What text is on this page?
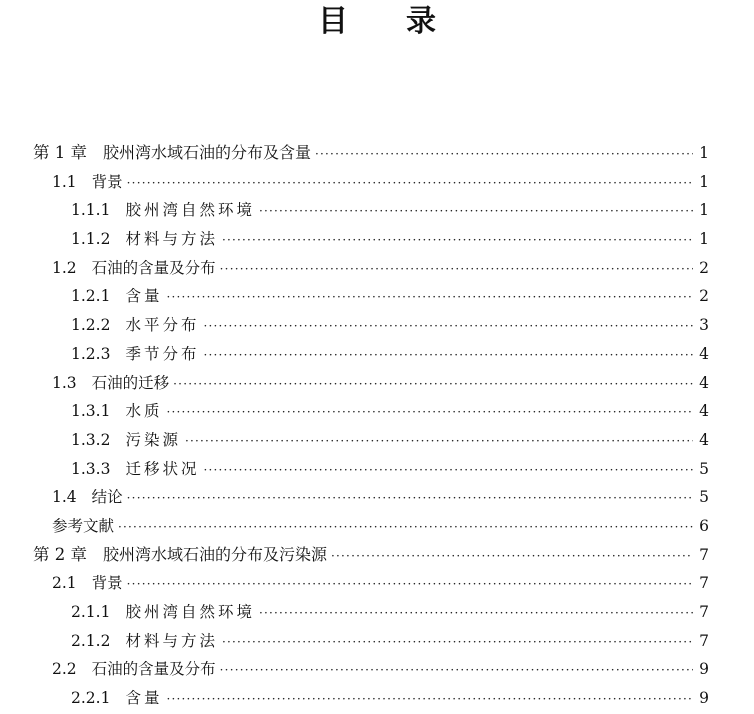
目 录
第 1 章 胶州湾水域石油的分布及含量 ·····	1
1.1 背景 ·····	1
1.1.1 胶州湾自然环境 ·····	1
1.1.2 材料与方法 ·····	1
1.2 石油的含量及分布 ·····	2
1.2.1 含量 ·····	2
1.2.2 水平分布 ·····	3
1.2.3 季节分布 ·····	4
1.3 石油的迁移 ·····	4
1.3.1 水质 ·····	4
1.3.2 污染源 ·····	4
1.3.3 迁移状况 ·····	5
1.4 结论 ·····	5
参考文献 ·····	6
第 2 章 胶州湾水域石油的分布及污染源 ·····	7
2.1 背景 ·····	7
2.1.1 胶州湾自然环境 ·····	7
2.1.2 材料与方法 ·····	7
2.2 石油的含量及分布 ·····	9
2.2.1 含量 ·····	9
